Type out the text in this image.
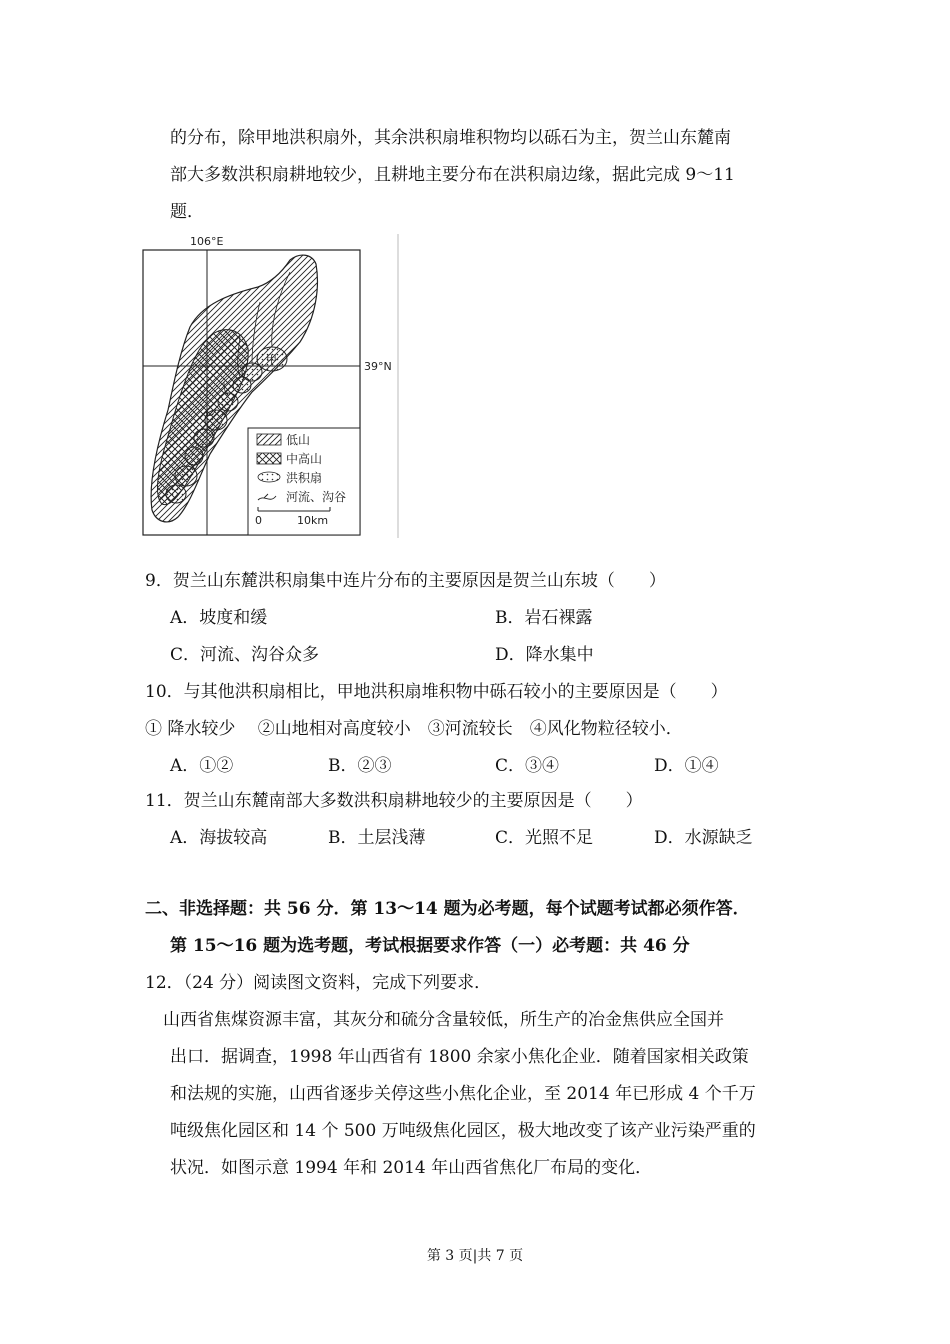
的分布，除甲地洪积扇外，其余洪积扇堆积物均以砾石为主，贺兰山东麓南
部大多数洪积扇耕地较少，且耕地主要分布在洪积扇边缘，据此完成 9～11
题．
106°E
39°N
甲
低山
中高山
洪积扇
河流、沟谷
0	10km
9．贺兰山东麓洪积扇集中连片分布的主要原因是贺兰山东坡（　　）
A．坡度和缓	B．岩石裸露
C．河流、沟谷众多	D．降水集中
10．与其他洪积扇相比，甲地洪积扇堆积物中砾石较小的主要原因是（　　）
① 降水较少　 ②山地相对高度较小　③河流较长　④风化物粒径较小．
A．①②	B．②③	C．③④	D．①④
11．贺兰山东麓南部大多数洪积扇耕地较少的主要原因是（　　）
A．海拔较高	B．土层浅薄	C．光照不足	D．水源缺乏
二、非选择题：共 56 分．第 13～14 题为必考题，每个试题考试都必须作答．
第 15～16 题为选考题，考试根据要求作答（一）必考题：共 46 分
12．（24 分）阅读图文资料，完成下列要求．
山西省焦煤资源丰富，其灰分和硫分含量较低，所生产的冶金焦供应全国并
出口．据调查，1998 年山西省有 1800 余家小焦化企业．随着国家相关政策
和法规的实施，山西省逐步关停这些小焦化企业，至 2014 年已形成 4 个千万
吨级焦化园区和 14 个 500 万吨级焦化园区，极大地改变了该产业污染严重的
状况．如图示意 1994 年和 2014 年山西省焦化厂布局的变化．
第 3 页|共 7 页
